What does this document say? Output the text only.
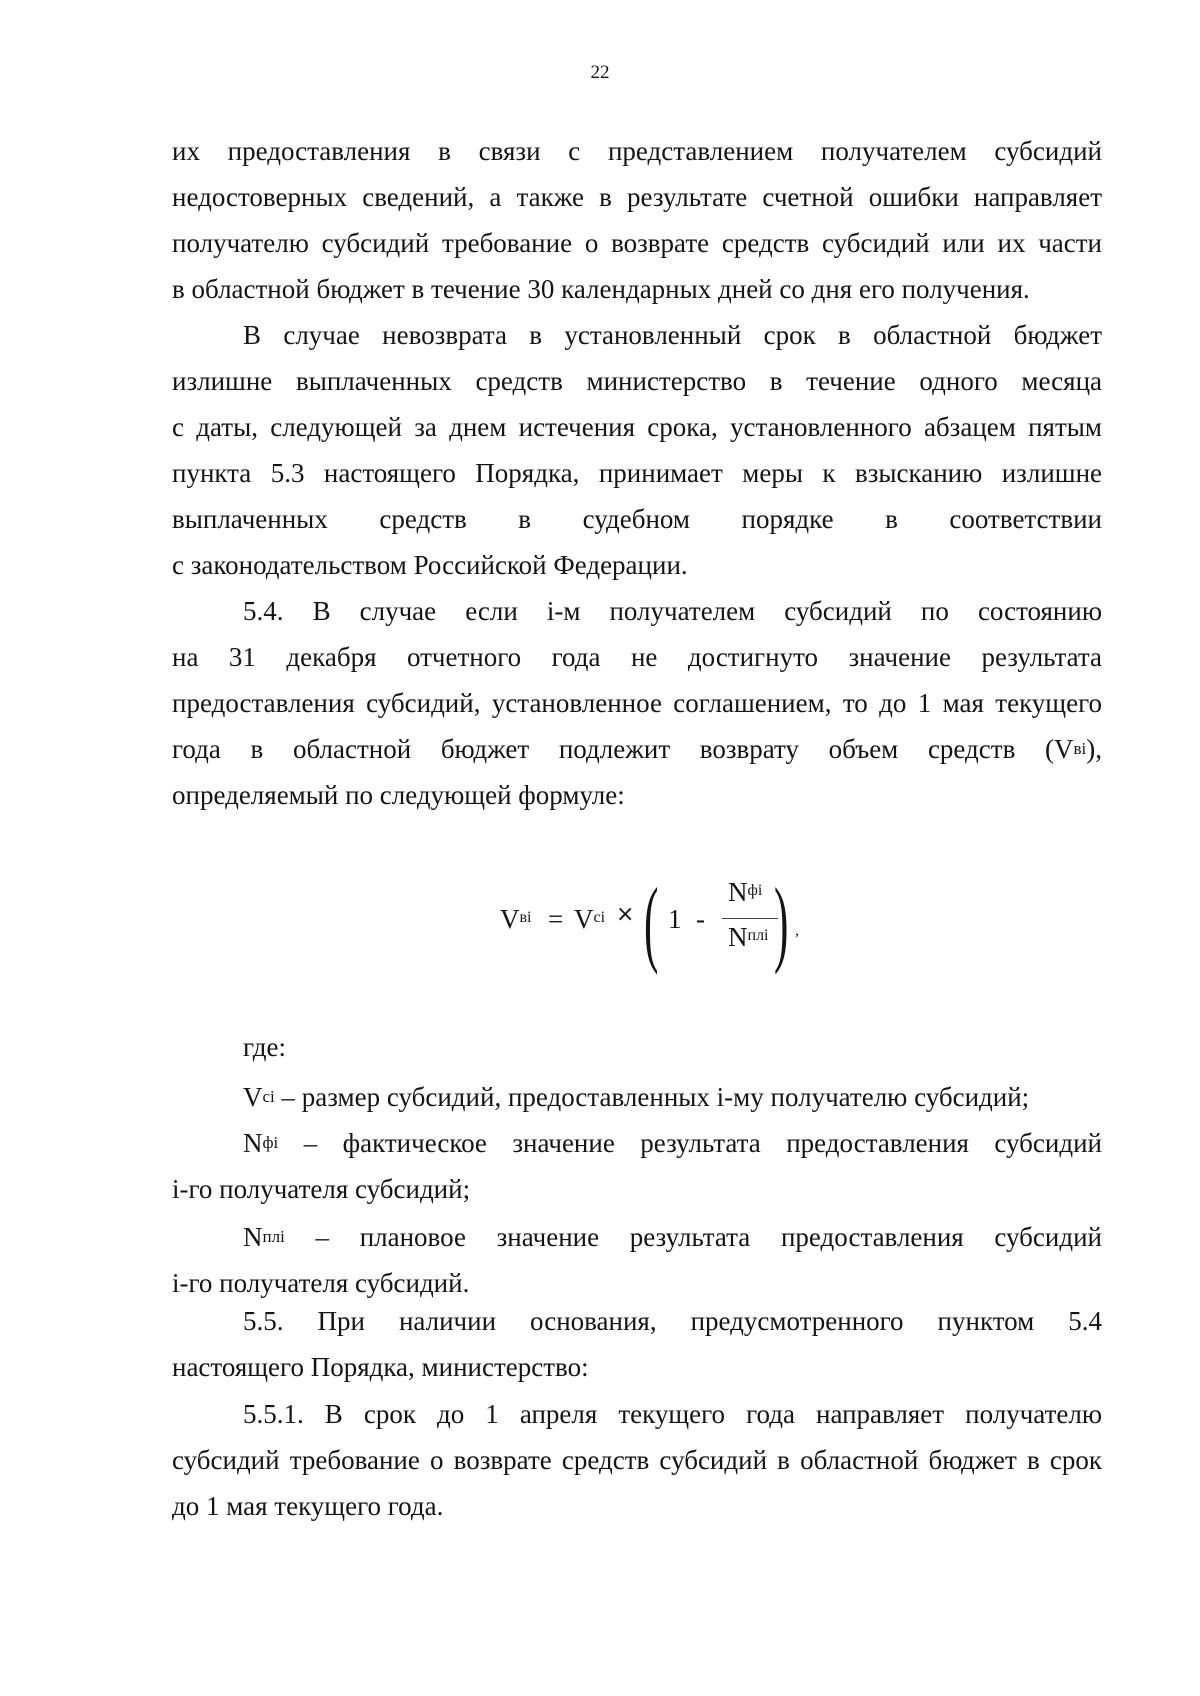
22
их предоставления в связи с представлением получателем субсидий
недостоверных сведений, а также в результате счетной ошибки направляет
получателю субсидий требование о возврате средств субсидий или их части
в областной бюджет в течение 30 календарных дней со дня его получения.
В случае невозврата в установленный срок в областной бюджет
излишне выплаченных средств министерство в течение одного месяца
с даты, следующей за днем истечения срока, установленного абзацем пятым
пункта 5.3 настоящего Порядка, принимает меры к взысканию излишне
выплаченных средств в судебном порядке в соответствии
с законодательством Российской Федерации.
5.4. В случае если i-м получателем субсидий по состоянию
на 31 декабря отчетного года не достигнуто значение результата
предоставления субсидий, установленное соглашением, то до 1 мая текущего
года в областной бюджет подлежит возврату объем средств $(V^{вi})$,
определяемый по следующей формуле:
$V^{вi} = V^{ci}$ × ( 1 -
$N^{фi}$
$N^{плi}$ ) ,
где:
$V^{ci}$ – размер субсидий, предоставленных i-му получателю субсидий;
$N^{фi}$ – фактическое значение результата предоставления субсидий
i-го получателя субсидий;
$N^{плi}$ – плановое значение результата предоставления субсидий
i-го получателя субсидий.
5.5. При наличии основания, предусмотренного пунктом 5.4
настоящего Порядка, министерство:
5.5.1. В срок до 1 апреля текущего года направляет получателю
субсидий требование о возврате средств субсидий в областной бюджет в срок
до 1 мая текущего года.
